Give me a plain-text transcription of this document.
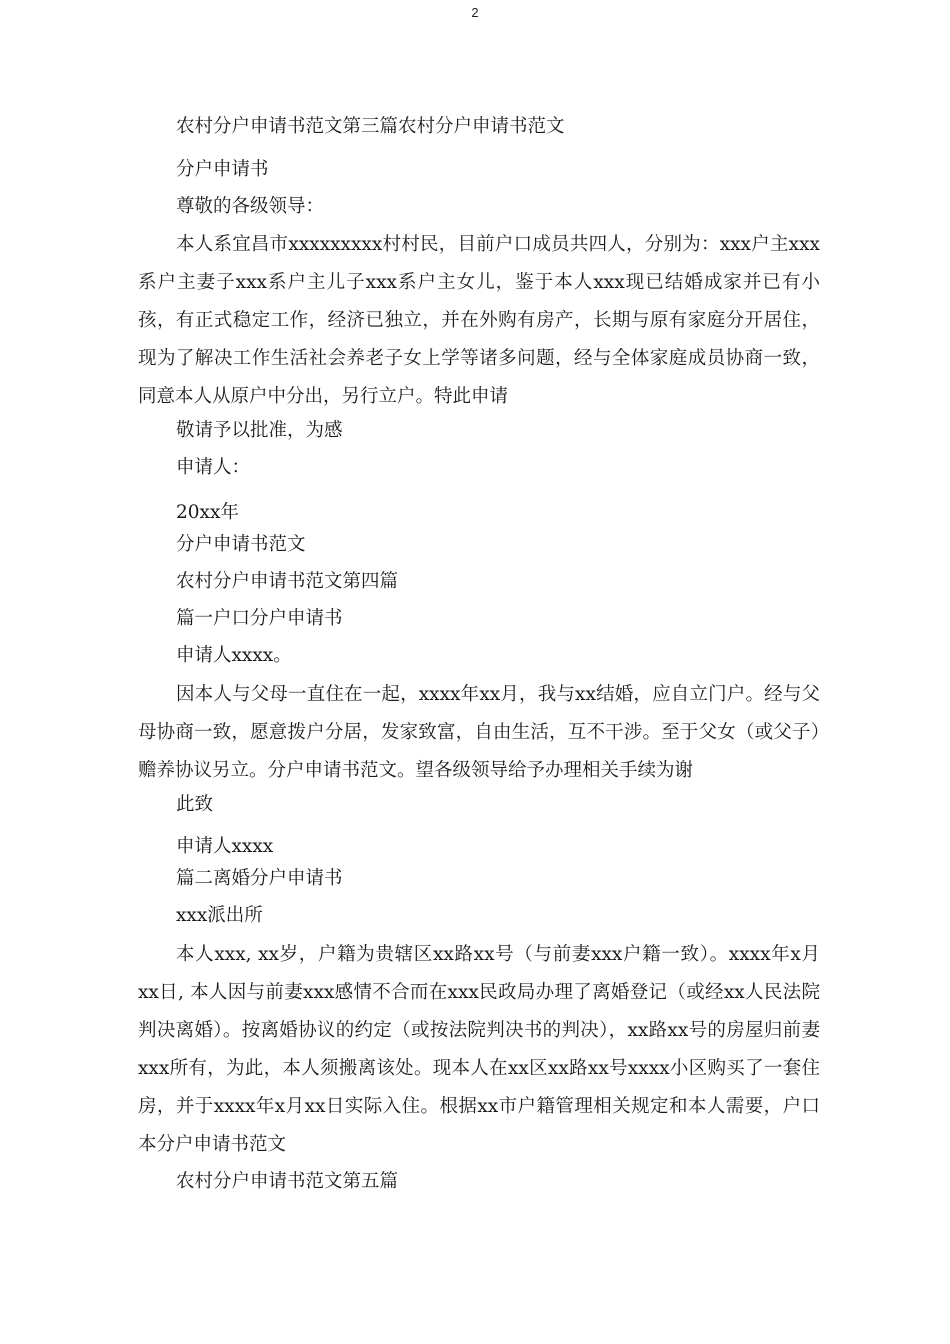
2

农村分户申请书范文第三篇农村分户申请书范文

分户申请书

尊敬的各级领导：

本人系宜昌市xxxxxxxxx村村民，目前户口成员共四人，分别为：xxx户主xxx系户主妻子xxx系户主儿子xxx系户主女儿，鉴于本人xxx现已结婚成家并已有小孩，有正式稳定工作，经济已独立，并在外购有房产，长期与原有家庭分开居住，现为了解决工作生活社会养老子女上学等诸多问题，经与全体家庭成员协商一致，同意本人从原户中分出，另行立户。特此申请

敬请予以批准，为感

申请人：

20xx年

分户申请书范文

农村分户申请书范文第四篇

篇一户口分户申请书

申请人xxxx。

因本人与父母一直住在一起，xxxx年xx月，我与xx结婚，应自立门户。经与父母协商一致，愿意拨户分居，发家致富，自由生活，互不干涉。至于父女（或父子）赡养协议另立。分户申请书范文。望各级领导给予办理相关手续为谢

此致

申请人xxxx

篇二离婚分户申请书

xxx派出所

本人xxx, xx岁，户籍为贵辖区xx路xx号（与前妻xxx户籍一致）。xxxx年x月xx日, 本人因与前妻xxx感情不合而在xxx民政局办理了离婚登记（或经xx人民法院判决离婚）。按离婚协议的约定（或按法院判决书的判决），xx路xx号的房屋归前妻xxx所有，为此，本人须搬离该处。现本人在xx区xx路xx号xxxx小区购买了一套住房，并于xxxx年x月xx日实际入住。根据xx市户籍管理相关规定和本人需要，户口本分户申请书范文

农村分户申请书范文第五篇
